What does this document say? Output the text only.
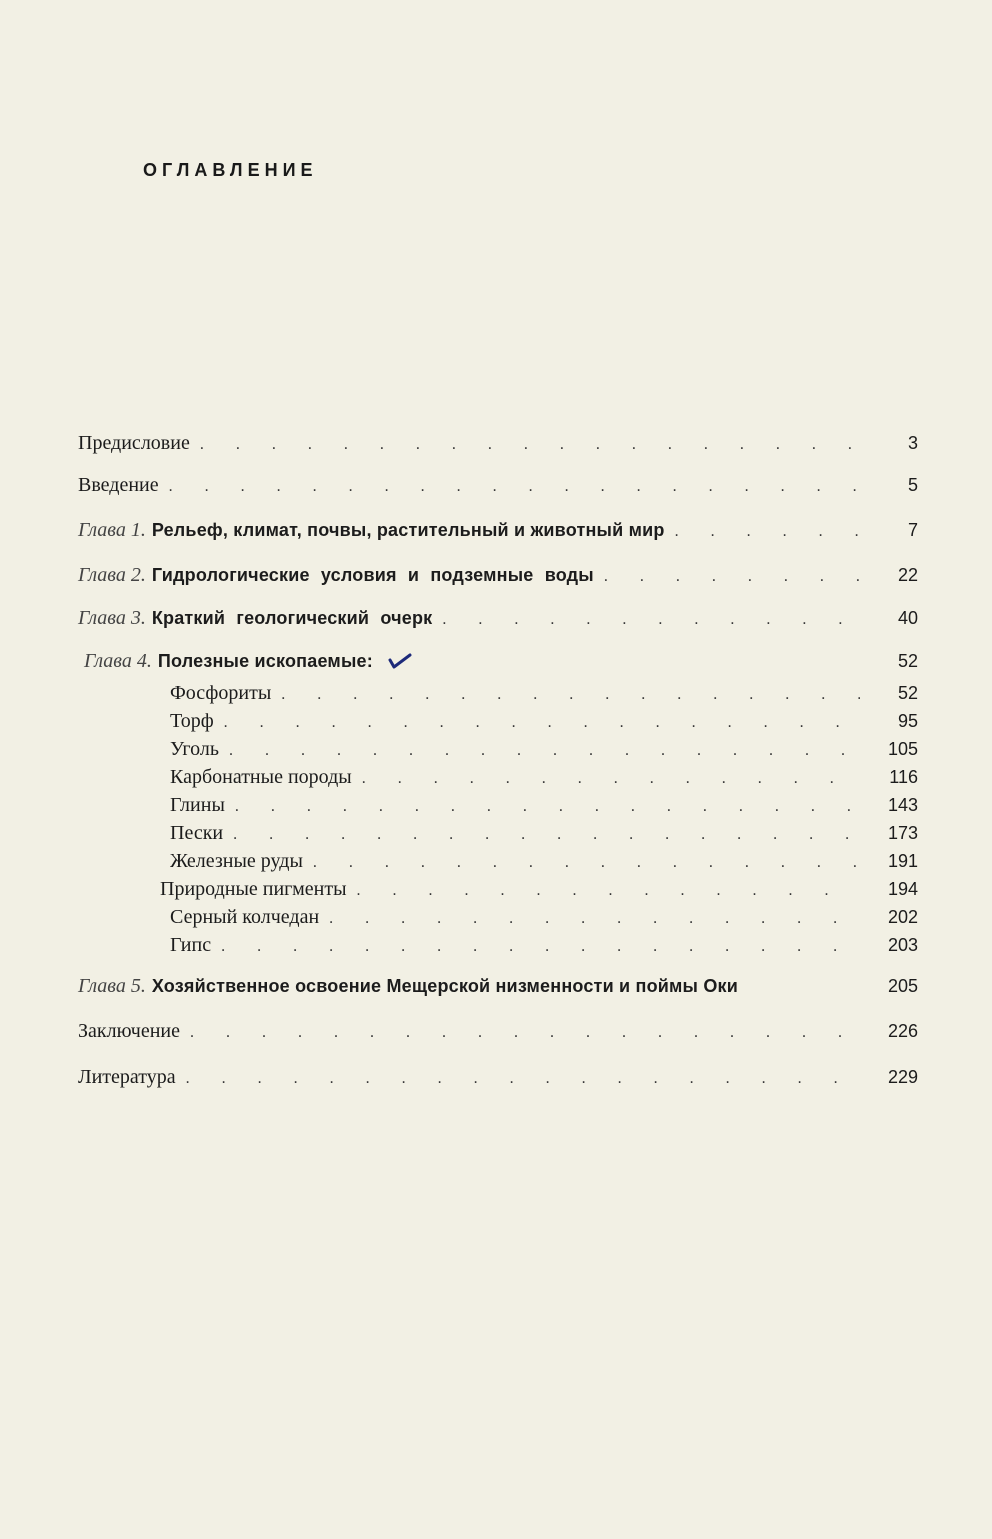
ОГЛАВЛЕНИЕ
Предисловие . . .	3
Введение . . .	5
Глава 1. Рельеф, климат, почвы, растительный и животный мир . . .	7
Глава 2. Гидрологические условия и подземные воды . . .	22
Глава 3. Краткий геологический очерк . . .	40
Глава 4. Полезные ископаемые:	52
Фосфориты . . .	52
Торф . . .	95
Уголь . . .	105
Карбонатные породы . . .	116
Глины . . .	143
Пески . . .	173
Железные руды . . .	191
Природные пигменты . . .	194
Серный колчедан . . .	202
Гипс . . .	203
Глава 5. Хозяйственное освоение Мещерской низменности и поймы Оки	205
Заключение . . .	226
Литература . . .	229
